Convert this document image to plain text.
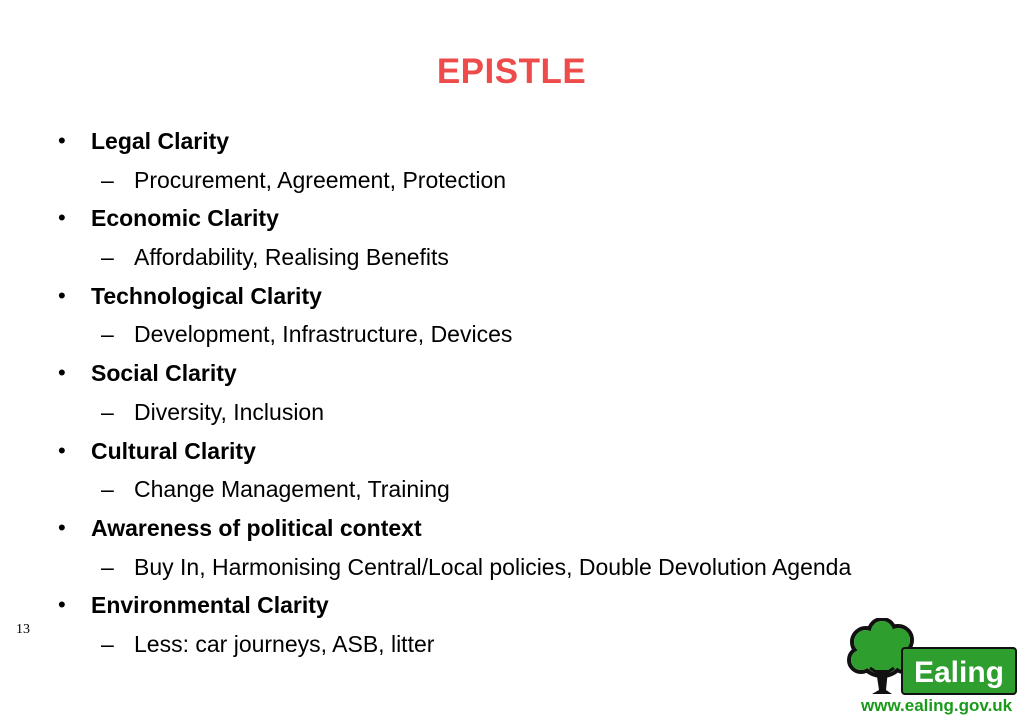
EPISTLE
• Legal Clarity
– Procurement, Agreement, Protection
• Economic Clarity
– Affordability, Realising Benefits
• Technological Clarity
– Development, Infrastructure, Devices
• Social Clarity
– Diversity, Inclusion
• Cultural Clarity
– Change Management, Training
• Awareness of political context
– Buy In, Harmonising Central/Local policies, Double Devolution Agenda
• Environmental Clarity
– Less: car journeys, ASB, litter
13
Ealing
www.ealing.gov.uk
